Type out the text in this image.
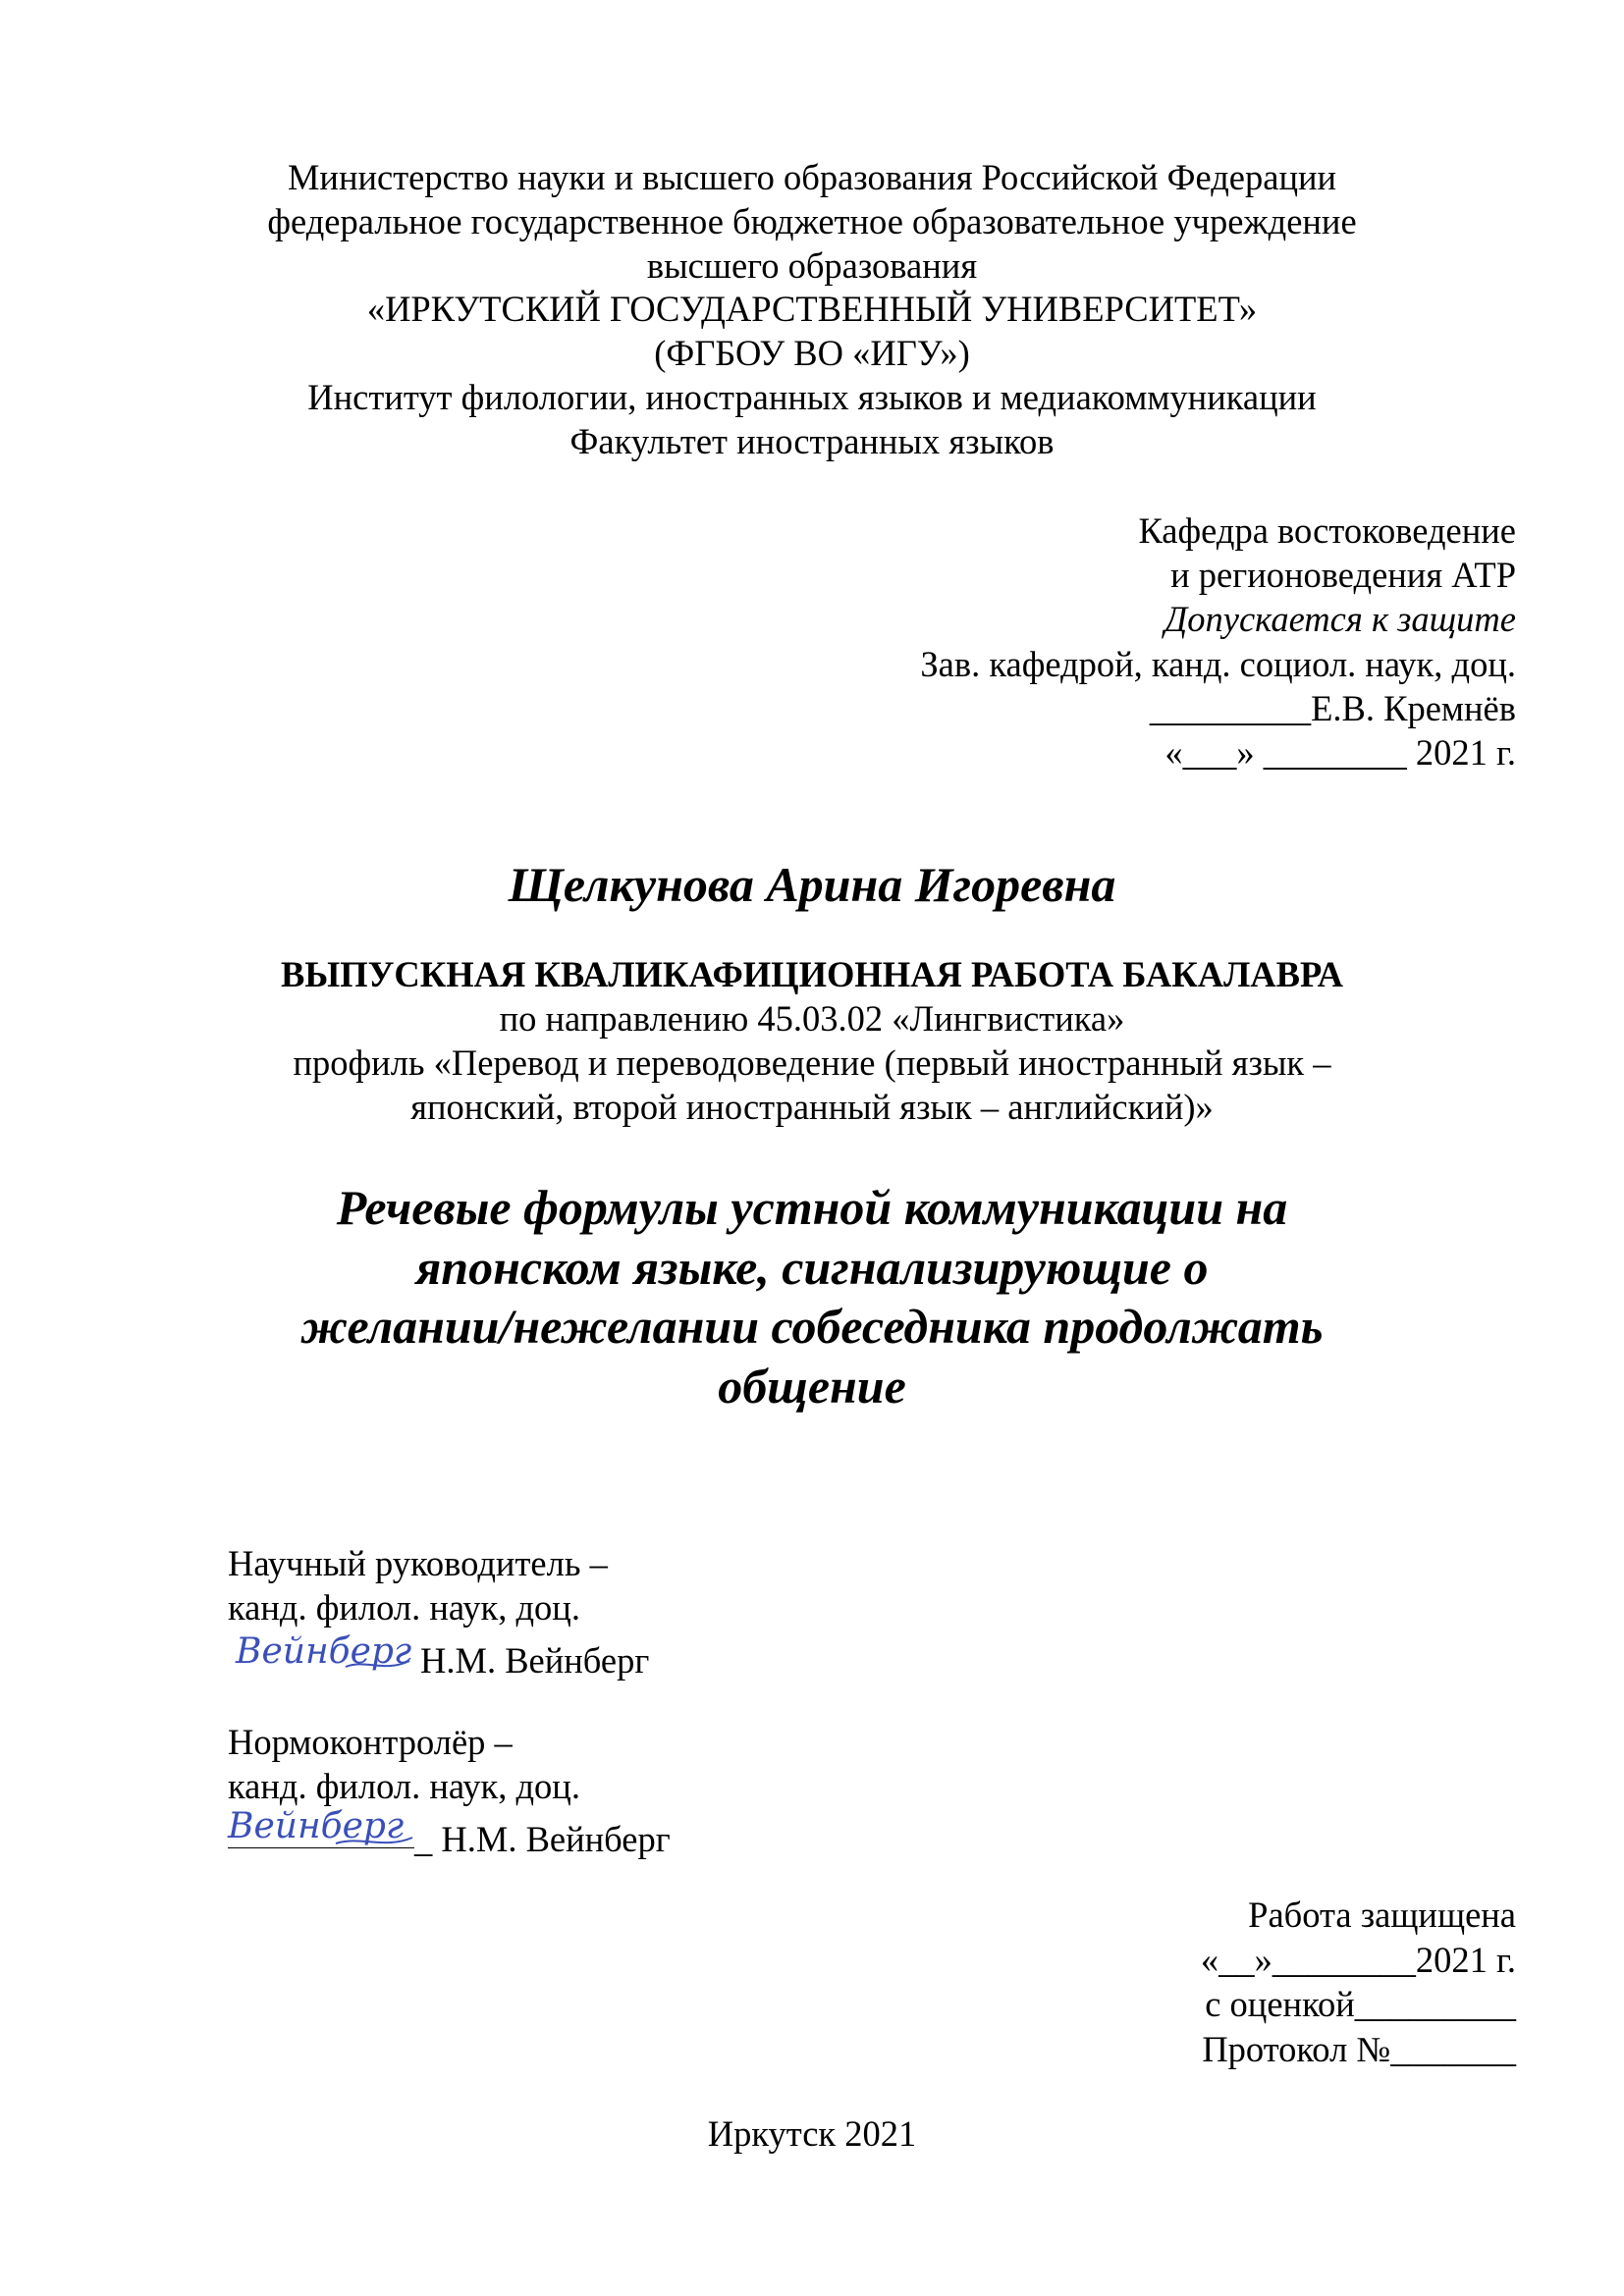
Министерство науки и высшего образования Российской Федерации
федеральное государственное бюджетное образовательное учреждение
высшего образования
«ИРКУТСКИЙ ГОСУДАРСТВЕННЫЙ УНИВЕРСИТЕТ»
(ФГБОУ ВО «ИГУ»)
Институт филологии, иностранных языков и медиакоммуникации
Факультет иностранных языков
Кафедра востоковедение
и регионоведения АТР
Допускается к защите
Зав. кафедрой, канд. социол. наук, доц.
_________Е.В. Кремнёв
«___» ________ 2021 г.
Щелкунова Арина Игоревна
ВЫПУСКНАЯ КВАЛИКАФИЦИОННАЯ РАБОТА БАКАЛАВРА
по направлению 45.03.02 «Лингвистика»
профиль «Перевод и переводоведение (первый иностранный язык –
японский, второй иностранный язык – английский)»
Речевые формулы устной коммуникации на
японском языке, сигнализирующие о
желании/нежелании собеседника продолжать
общение
Научный руководитель –
канд. филол. наук, доц.
Вейнберг Н.М. Вейнберг
Нормоконтролёр –
канд. филол. наук, доц.
Вейнберг _ Н.М. Вейнберг
Работа защищена
«__»________2021 г.
с оценкой_________
Протокол №_______
Иркутск 2021
